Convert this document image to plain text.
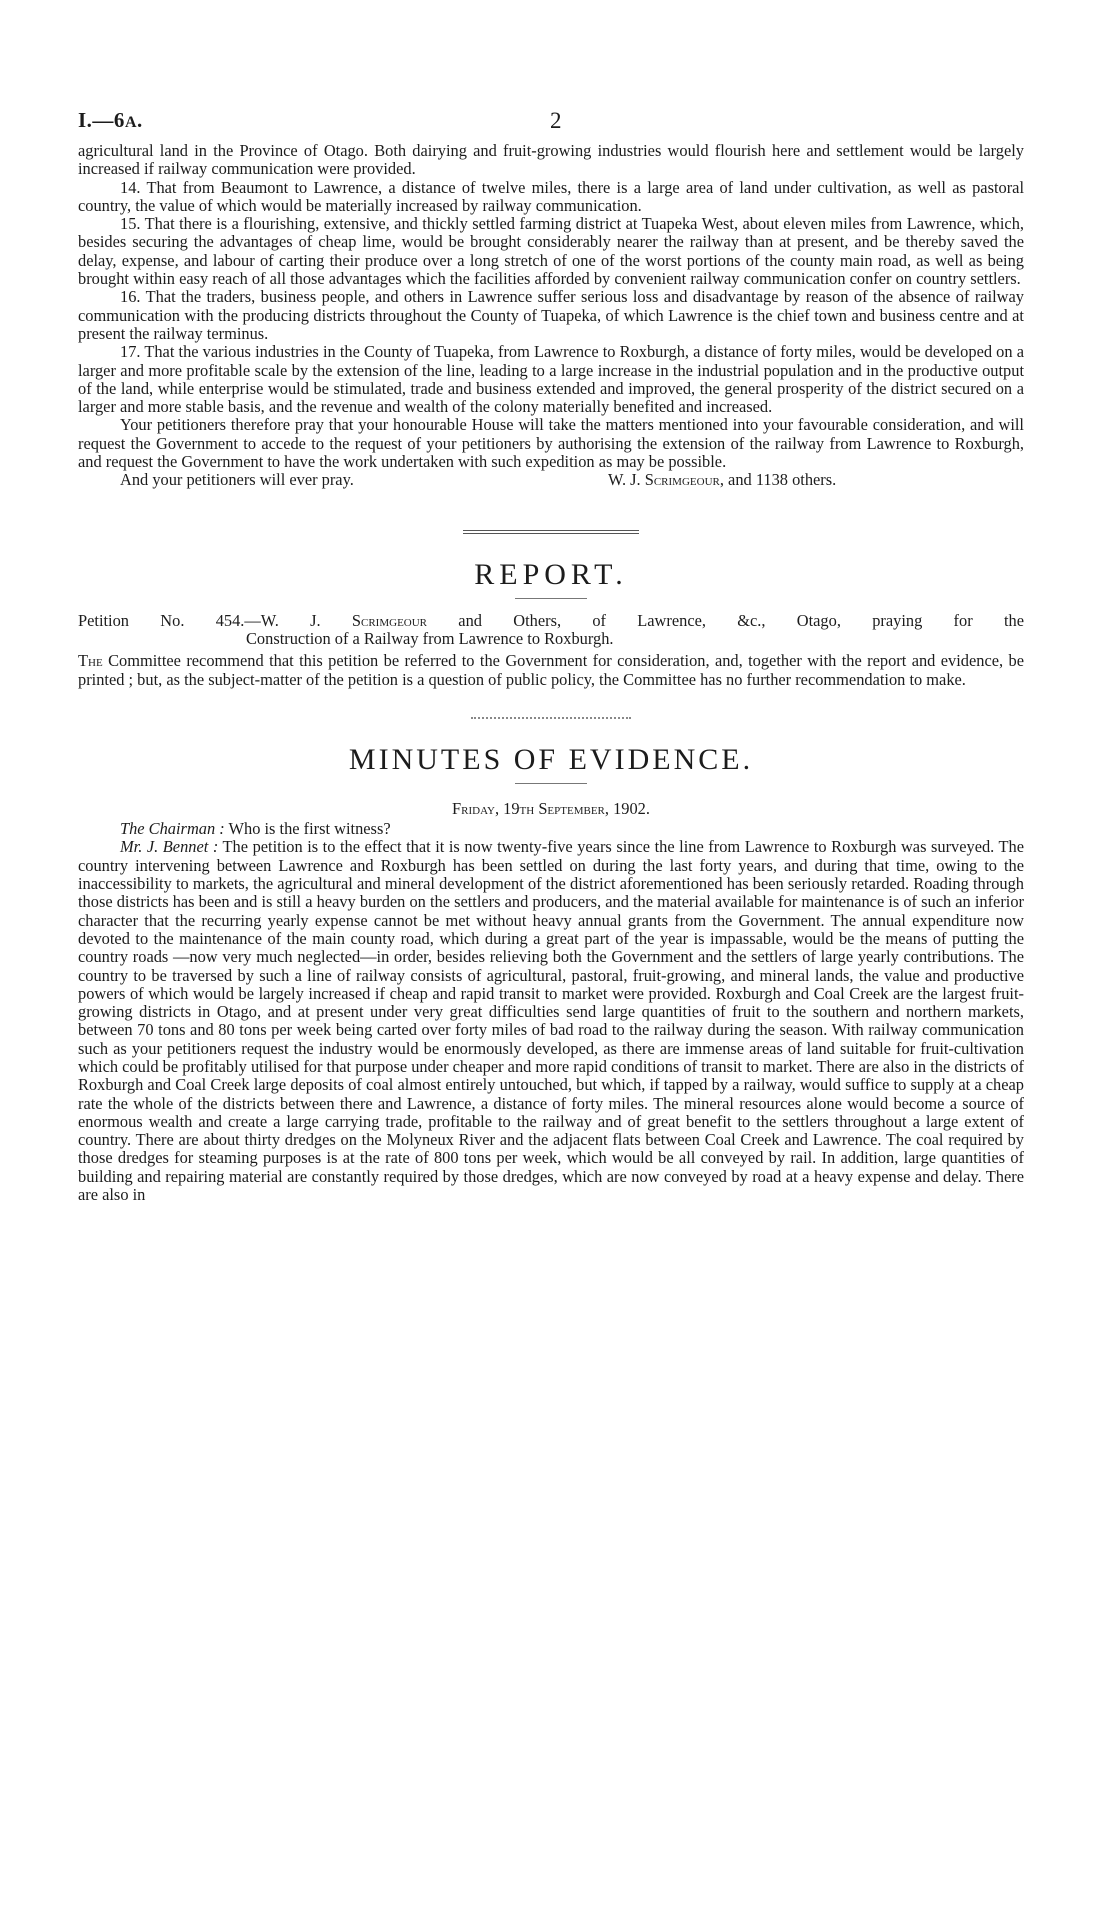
I.—6A.	2

agricultural land in the Province of Otago. Both dairying and fruit-growing industries would flourish here and settlement would be largely increased if railway communication were provided.

14. That from Beaumont to Lawrence, a distance of twelve miles, there is a large area of land under cultivation, as well as pastoral country, the value of which would be materially increased by railway communication.

15. That there is a flourishing, extensive, and thickly settled farming district at Tuapeka West, about eleven miles from Lawrence, which, besides securing the advantages of cheap lime, would be brought considerably nearer the railway than at present, and be thereby saved the delay, expense, and labour of carting their produce over a long stretch of one of the worst portions of the county main road, as well as being brought within easy reach of all those advantages which the facilities afforded by convenient railway communication confer on country settlers.

16. That the traders, business people, and others in Lawrence suffer serious loss and disadvantage by reason of the absence of railway communication with the producing districts throughout the County of Tuapeka, of which Lawrence is the chief town and business centre and at present the railway terminus.

17. That the various industries in the County of Tuapeka, from Lawrence to Roxburgh, a distance of forty miles, would be developed on a larger and more profitable scale by the extension of the line, leading to a large increase in the industrial population and in the productive output of the land, while enterprise would be stimulated, trade and business extended and improved, the general prosperity of the district secured on a larger and more stable basis, and the revenue and wealth of the colony materially benefited and increased.

Your petitioners therefore pray that your honourable House will take the matters mentioned into your favourable consideration, and will request the Government to accede to the request of your petitioners by authorising the extension of the railway from Lawrence to Roxburgh, and request the Government to have the work undertaken with such expedition as may be possible.

And your petitioners will ever pray.	W. J. Scrimgeour, and 1138 others.
REPORT.
Petition No. 454.—W. J. Scrimgeour and Others, of Lawrence, &c., Otago, praying for the
Construction of a Railway from Lawrence to Roxburgh.

The Committee recommend that this petition be referred to the Government for consideration, and, together with the report and evidence, be printed ; but, as the subject-matter of the petition is a question of public policy, the Committee has no further recommendation to make.

MINUTES OF EVIDENCE.
Friday, 19th September, 1902.

The Chairman : Who is the first witness?

Mr. J. Bennet : The petition is to the effect that it is now twenty-five years since the line from Lawrence to Roxburgh was surveyed. The country intervening between Lawrence and Roxburgh has been settled on during the last forty years, and during that time, owing to the inaccessibility to markets, the agricultural and mineral development of the district aforementioned has been seriously retarded. Roading through those districts has been and is still a heavy burden on the settlers and producers, and the material available for maintenance is of such an inferior character that the recurring yearly expense cannot be met without heavy annual grants from the Government. The annual expenditure now devoted to the maintenance of the main county road, which during a great part of the year is impassable, would be the means of putting the country roads —now very much neglected—in order, besides relieving both the Government and the settlers of large yearly contributions. The country to be traversed by such a line of railway consists of agricultural, pastoral, fruit-growing, and mineral lands, the value and productive powers of which would be largely increased if cheap and rapid transit to market were provided. Roxburgh and Coal Creek are the largest fruit-growing districts in Otago, and at present under very great difficulties send large quantities of fruit to the southern and northern markets, between 70 tons and 80 tons per week being carted over forty miles of bad road to the railway during the season. With railway communication such as your petitioners request the industry would be enormously developed, as there are immense areas of land suitable for fruit-cultivation which could be profitably utilised for that purpose under cheaper and more rapid conditions of transit to market. There are also in the districts of Roxburgh and Coal Creek large deposits of coal almost entirely untouched, but which, if tapped by a railway, would suffice to supply at a cheap rate the whole of the districts between there and Lawrence, a distance of forty miles. The mineral resources alone would become a source of enormous wealth and create a large carrying trade, profitable to the railway and of great benefit to the settlers throughout a large extent of country. There are about thirty dredges on the Molyneux River and the adjacent flats between Coal Creek and Lawrence. The coal required by those dredges for steaming purposes is at the rate of 800 tons per week, which would be all conveyed by rail. In addition, large quantities of building and repairing material are constantly required by those dredges, which are now conveyed by road at a heavy expense and delay. There are also in
